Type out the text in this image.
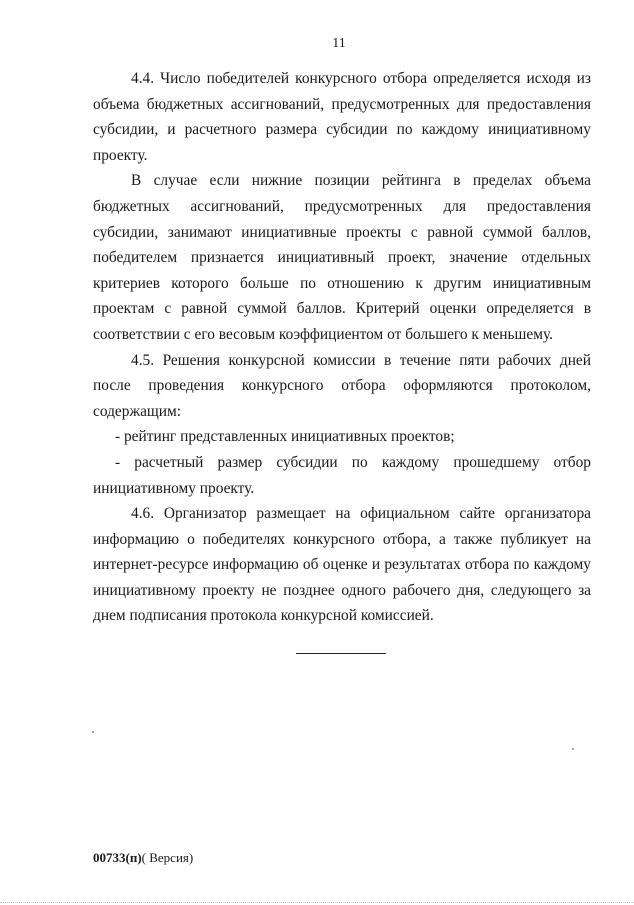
11

4.4. Число победителей конкурсного отбора определяется исходя из объема бюджетных ассигнований, предусмотренных для предоставления субсидии, и расчетного размера субсидии по каждому инициативному проекту.

В случае если нижние позиции рейтинга в пределах объема бюджетных ассигнований, предусмотренных для предоставления субсидии, занимают инициативные проекты с равной суммой баллов, победителем признается инициативный проект, значение отдельных критериев которого больше по отношению к другим инициативным проектам с равной суммой баллов. Критерий оценки определяется в соответствии с его весовым коэффициентом от большего к меньшему.

4.5. Решения конкурсной комиссии в течение пяти рабочих дней после проведения конкурсного отбора оформляются протоколом, содержащим:

- рейтинг представленных инициативных проектов;

- расчетный размер субсидии по каждому прошедшему отбор инициативному проекту.

4.6. Организатор размещает на официальном сайте организатора информацию о победителях конкурсного отбора, а также публикует на интернет-ресурсе информацию об оценке и результатах отбора по каждому инициативному проекту не позднее одного рабочего дня, следующего за днем подписания протокола конкурсной комиссией.

00733(п)( Версия)
